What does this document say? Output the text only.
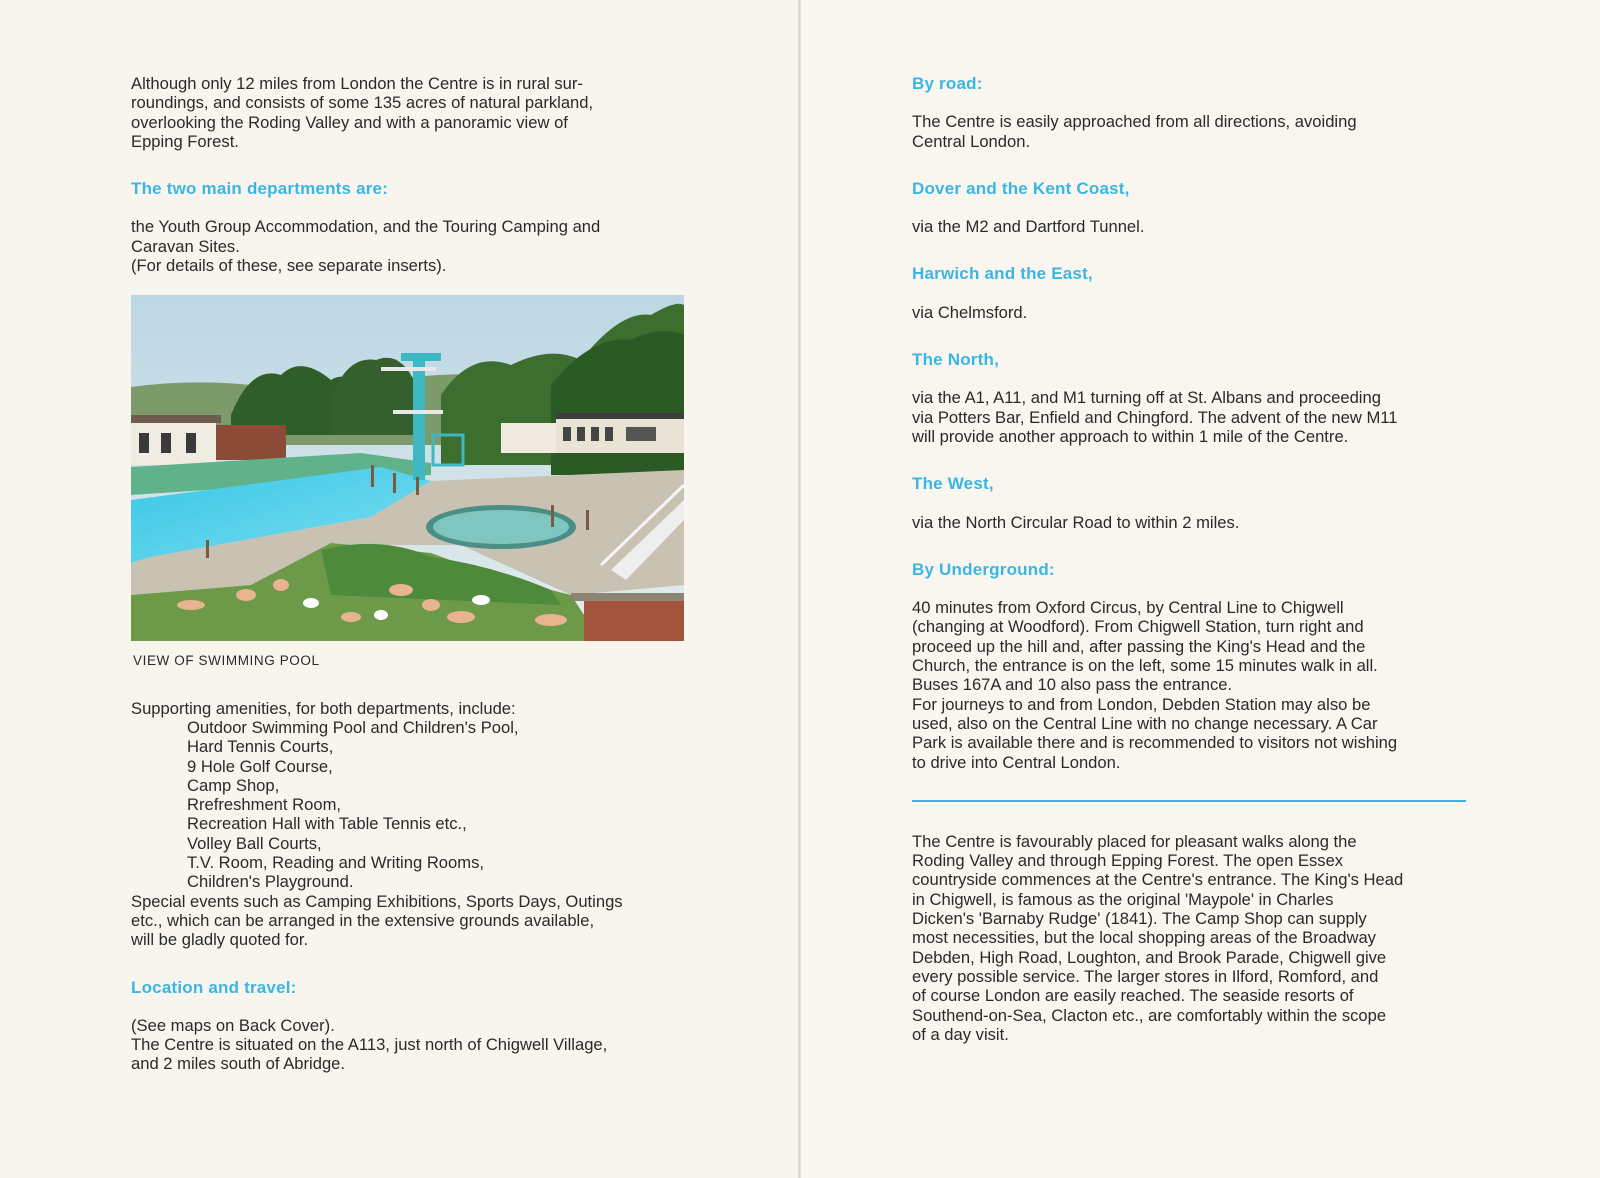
Although only 12 miles from London the Centre is in rural sur-
roundings, and consists of some 135 acres of natural parkland,
overlooking the Roding Valley and with a panoramic view of
Epping Forest.

The two main departments are:

the Youth Group Accommodation, and the Touring Camping and
Caravan Sites.
(For details of these, see separate inserts).

VIEW OF SWIMMING POOL

Supporting amenities, for both departments, include:

Outdoor Swimming Pool and Children's Pool,
Hard Tennis Courts,
9 Hole Golf Course,
Camp Shop,
Rrefreshment Room,
Recreation Hall with Table Tennis etc.,
Volley Ball Courts,
T.V. Room, Reading and Writing Rooms,
Children's Playground.

Special events such as Camping Exhibitions, Sports Days, Outings
etc., which can be arranged in the extensive grounds available,
will be gladly quoted for.

Location and travel:

(See maps on Back Cover).
The Centre is situated on the A113, just north of Chigwell Village,
and 2 miles south of Abridge.

By road:

The Centre is easily approached from all directions, avoiding
Central London.

Dover and the Kent Coast,

via the M2 and Dartford Tunnel.

Harwich and the East,

via Chelmsford.

The North,

via the A1, A11, and M1 turning off at St. Albans and proceeding
via Potters Bar, Enfield and Chingford. The advent of the new M11
will provide another approach to within 1 mile of the Centre.

The West,

via the North Circular Road to within 2 miles.

By Underground:

40 minutes from Oxford Circus, by Central Line to Chigwell
(changing at Woodford). From Chigwell Station, turn right and
proceed up the hill and, after passing the King's Head and the
Church, the entrance is on the left, some 15 minutes walk in all.
Buses 167A and 10 also pass the entrance.
For journeys to and from London, Debden Station may also be
used, also on the Central Line with no change necessary. A Car
Park is available there and is recommended to visitors not wishing
to drive into Central London.

The Centre is favourably placed for pleasant walks along the
Roding Valley and through Epping Forest. The open Essex
countryside commences at the Centre's entrance. The King's Head
in Chigwell, is famous as the original 'Maypole' in Charles
Dicken's 'Barnaby Rudge' (1841). The Camp Shop can supply
most necessities, but the local shopping areas of the Broadway
Debden, High Road, Loughton, and Brook Parade, Chigwell give
every possible service. The larger stores in Ilford, Romford, and
of course London are easily reached. The seaside resorts of
Southend-on-Sea, Clacton etc., are comfortably within the scope
of a day visit.
